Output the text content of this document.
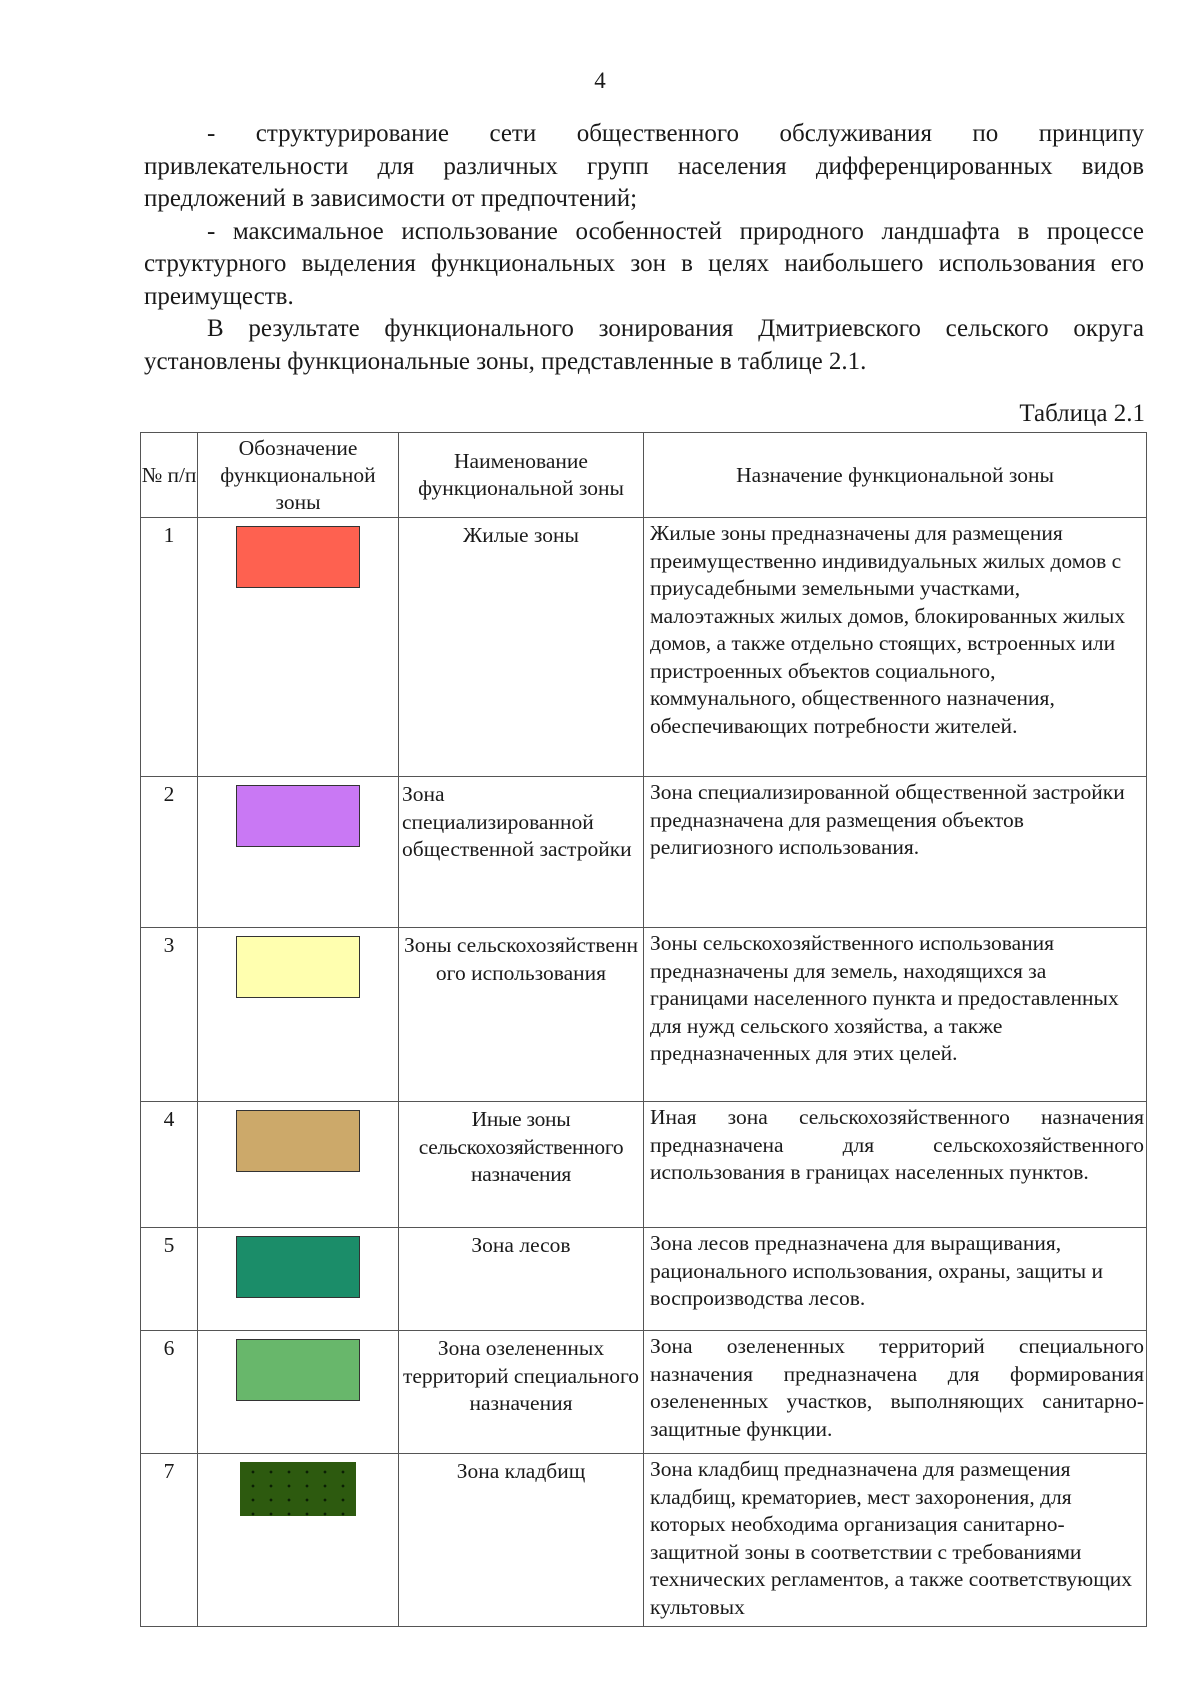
4

- структурирование сети общественного обслуживания по принципу привлекательности для различных групп населения дифференцированных видов предложений в зависимости от предпочтений;

- максимальное использование особенностей природного ландшафта в процессе структурного выделения функциональных зон в целях наибольшего использования его преимуществ.

В результате функционального зонирования Дмитриевского сельского округа установлены функциональные зоны, представленные в таблице 2.1.

Таблица 2.1
№ п/п	Обозначение функциональной зоны	Наименование функциональной зоны	Назначение функциональной зоны
1		Жилые зоны	Жилые зоны предназначены для размещения преимущественно индивидуальных жилых домов с приусадебными земельными участками, малоэтажных жилых домов, блокированных жилых домов, а также отдельно стоящих, встроенных или пристроенных объектов социального, коммунального, общественного назначения, обеспечивающих потребности жителей.
2		Зона специализированной общественной застройки	Зона специализированной общественной застройки предназначена для размещения объектов религиозного использования.
3		Зоны сельскохозяйственного использования	Зоны сельскохозяйственного использования предназначены для земель, находящихся за границами населенного пункта и предоставленных для нужд сельского хозяйства, а также предназначенных для этих целей.
4		Иные зоны сельскохозяйственного назначения	Иная зона сельскохозяйственного назначения предназначена для сельскохозяйственного использования в границах населенных пунктов.
5		Зона лесов	Зона лесов предназначена для выращивания, рационального использования, охраны, защиты и воспроизводства лесов.
6		Зона озелененных территорий специального назначения	Зона озелененных территорий специального назначения предназначена для формирования озелененных участков, выполняющих санитарно-защитные функции.
7		Зона кладбищ	Зона кладбищ предназначена для размещения кладбищ, крематориев, мест захоронения, для которых необходима организация санитарно-защитной зоны в соответствии с требованиями технических регламентов, а также соответствующих культовых
